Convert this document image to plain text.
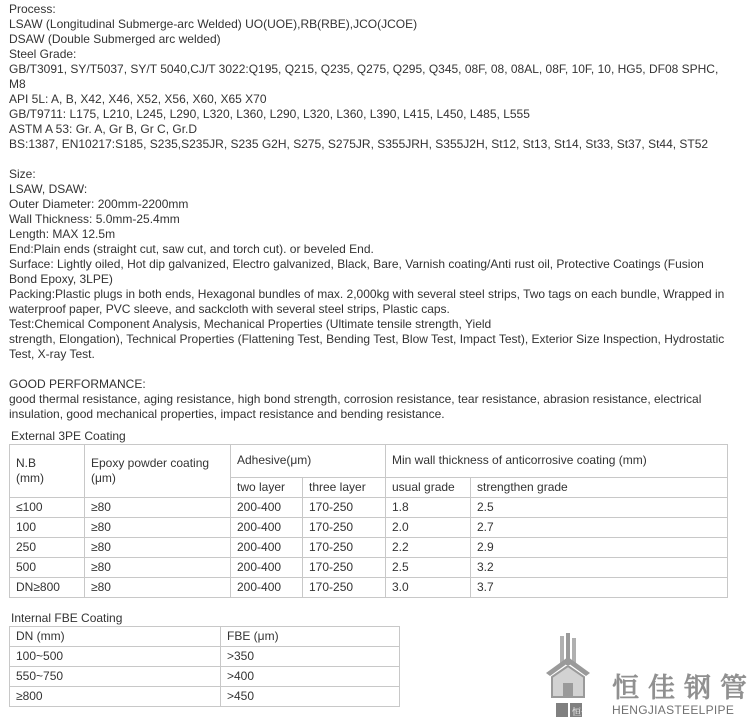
Process:
LSAW (Longitudinal Submerge-arc Welded) UO(UOE),RB(RBE),JCO(JCOE)
DSAW (Double Submerged arc welded)
Steel Grade:
GB/T3091, SY/T5037, SY/T 5040,CJ/T 3022:Q195, Q215, Q235, Q275, Q295, Q345, 08F, 08, 08AL, 08F, 10F, 10, HG5, DF08 SPHC, M8
API 5L: A, B, X42, X46, X52, X56, X60, X65 X70
GB/T9711: L175, L210, L245, L290, L320, L360, L290, L320, L360, L390, L415, L450, L485, L555
ASTM A 53: Gr. A, Gr B, Gr C, Gr.D
BS:1387, EN10217:S185, S235,S235JR, S235 G2H, S275, S275JR, S355JRH, S355J2H, St12, St13, St14, St33, St37, St44, ST52
Size:
LSAW, DSAW:
Outer Diameter: 200mm-2200mm
Wall Thickness: 5.0mm-25.4mm
Length: MAX 12.5m
End:Plain ends (straight cut, saw cut, and torch cut). or beveled End.
Surface: Lightly oiled, Hot dip galvanized, Electro galvanized, Black, Bare, Varnish coating/Anti rust oil, Protective Coatings (Fusion Bond Epoxy, 3LPE)
Packing:Plastic plugs in both ends, Hexagonal bundles of max. 2,000kg with several steel strips, Two tags on each bundle, Wrapped in waterproof paper, PVC sleeve, and sackcloth with several steel strips, Plastic caps.
Test:Chemical Component Analysis, Mechanical Properties (Ultimate tensile strength, Yield
strength, Elongation), Technical Properties (Flattening Test, Bending Test, Blow Test, Impact Test), Exterior Size Inspection, Hydrostatic Test, X-ray Test.
GOOD PERFORMANCE:
good thermal resistance, aging resistance, high bond strength, corrosion resistance, tear resistance, abrasion resistance, electrical insulation, good mechanical properties, impact resistance and bending resistance.
External 3PE Coating
N.B
(mm)	Epoxy powder coating (μm)	Adhesive(μm)		Min wall thickness of anticorrosive coating (mm)	
		two layer	three layer	usual grade	strengthen grade
≤100	≥80	200-400	170-250	1.8	2.5
100	≥80	200-400	170-250	2.0	2.7
250	≥80	200-400	170-250	2.2	2.9
500	≥80	200-400	170-250	2.5	3.2
DN≥800	≥80	200-400	170-250	3.0	3.7
Internal FBE Coating
DN (mm)	FBE (μm)
100~500	>350
550~750	>400
≥800	>450
恒佳钢
恒佳钢管
HENGJIASTEELPIPE
